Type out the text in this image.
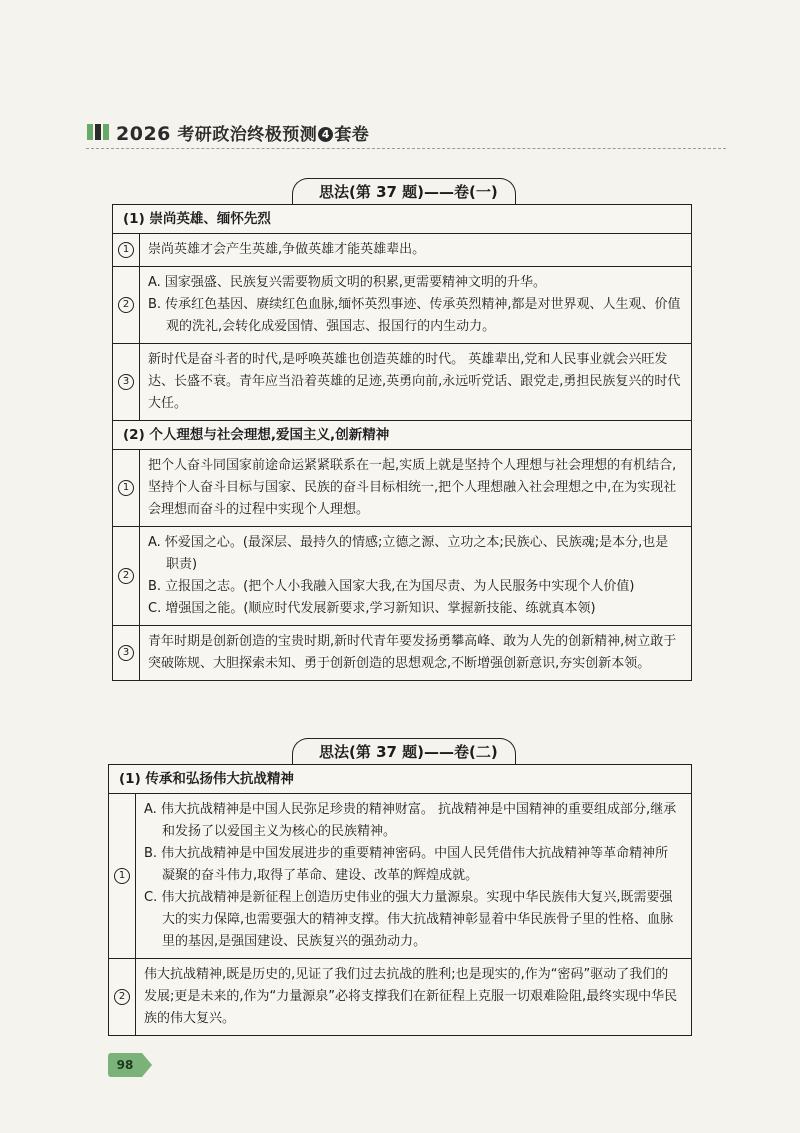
2026 考研政治终极预测 4 套卷
思法(第 37 题)——卷(一)
(1) 崇尚英雄、缅怀先烈
1	崇尚英雄才会产生英雄,争做英雄才能英雄辈出。
2
A. 国家强盛、民族复兴需要物质文明的积累,更需要精神文明的升华。
B. 传承红色基因、赓续红色血脉,缅怀英烈事迹、传承英烈精神,都是对世界观、人生观、价值观的洗礼,会转化成爱国情、强国志、报国行的内生动力。
3
新时代是奋斗者的时代,是呼唤英雄也创造英雄的时代。 英雄辈出,党和人民事业就会兴旺发达、长盛不衰。青年应当沿着英雄的足迹,英勇向前,永远听党话、跟党走,勇担民族复兴的时代大任。
(2) 个人理想与社会理想,爱国主义,创新精神
1
把个人奋斗同国家前途命运紧紧联系在一起,实质上就是坚持个人理想与社会理想的有机结合,坚持个人奋斗目标与国家、民族的奋斗目标相统一,把个人理想融入社会理想之中,在为实现社会理想而奋斗的过程中实现个人理想。
2
A. 怀爱国之心。(最深层、最持久的情感;立德之源、立功之本;民族心、民族魂;是本分,也是职责)
B. 立报国之志。(把个人小我融入国家大我,在为国尽责、为人民服务中实现个人价值)
C. 增强国之能。(顺应时代发展新要求,学习新知识、掌握新技能、练就真本领)
3
青年时期是创新创造的宝贵时期,新时代青年要发扬勇攀高峰、敢为人先的创新精神,树立敢于突破陈规、大胆探索未知、勇于创新创造的思想观念,不断增强创新意识,夯实创新本领。
思法(第 37 题)——卷(二)
(1) 传承和弘扬伟大抗战精神
1
A. 伟大抗战精神是中国人民弥足珍贵的精神财富。 抗战精神是中国精神的重要组成部分,继承和发扬了以爱国主义为核心的民族精神。
B. 伟大抗战精神是中国发展进步的重要精神密码。中国人民凭借伟大抗战精神等革命精神所凝聚的奋斗伟力,取得了革命、建设、改革的辉煌成就。
C. 伟大抗战精神是新征程上创造历史伟业的强大力量源泉。实现中华民族伟大复兴,既需要强大的实力保障,也需要强大的精神支撑。伟大抗战精神彰显着中华民族骨子里的性格、血脉里的基因,是强国建设、民族复兴的强劲动力。
2
伟大抗战精神,既是历史的,见证了我们过去抗战的胜利;也是现实的,作为“密码”驱动了我们的发展;更是未来的,作为“力量源泉”必将支撑我们在新征程上克服一切艰难险阻,最终实现中华民族的伟大复兴。
98
